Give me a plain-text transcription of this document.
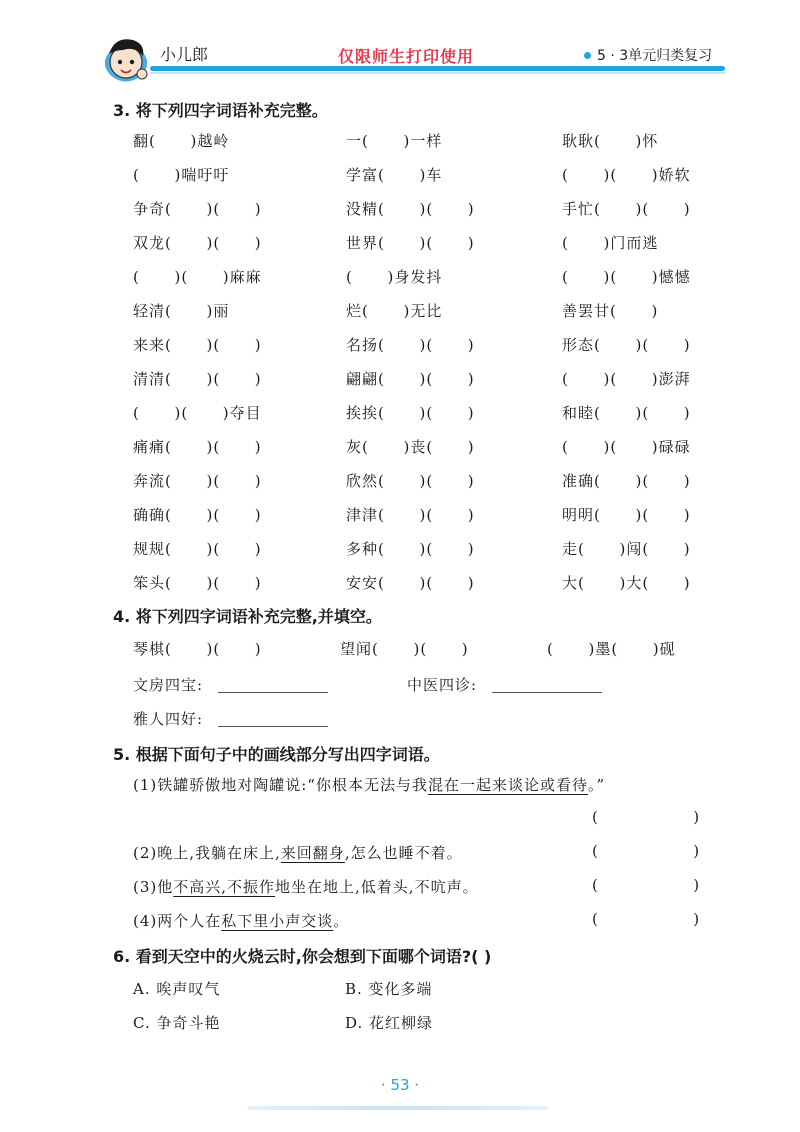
小儿郎	仅限师生打印使用	5 · 3单元归类复习
3. 将下列四字词语补充完整。
翻(      )越岭	一(      )一样	耿耿(      )怀
(      )喘吁吁	学富(      )车	(      )(      )娇软
争奇(      )(      )	没精(      )(      )	手忙(      )(      )
双龙(      )(      )	世界(      )(      )	(      )门而逃
(      )(      )麻麻	(      )身发抖	(      )(      )憾憾
轻清(      )丽	烂(      )无比	善罢甘(      )
来来(      )(      )	名扬(      )(      )	形态(      )(      )
清清(      )(      )	翩翩(      )(      )	(      )(      )澎湃
(      )(      )夺目	挨挨(      )(      )	和睦(      )(      )
痛痛(      )(      )	灰(      )丧(      )	(      )(      )碌碌
奔流(      )(      )	欣然(      )(      )	准确(      )(      )
确确(      )(      )	津津(      )(      )	明明(      )(      )
规规(      )(      )	多种(      )(      )	走(      )闯(      )
笨头(      )(      )	安安(      )(      )	大(      )大(      )
4. 将下列四字词语补充完整,并填空。
琴棋(      )(      )	望闻(      )(      )	(      )墨(      )砚
文房四宝:	中医四诊:
雅人四好:
5. 根据下面句子中的画线部分写出四字词语。
(1)铁罐骄傲地对陶罐说:“你根本无法与我混在一起来谈论或看待。”
(                    )
(2)晚上,我躺在床上,来回翻身,怎么也睡不着。	(                    )
(3)他不高兴,不振作地坐在地上,低着头,不吭声。	(                    )
(4)两个人在私下里小声交谈。	(                    )
6. 看到天空中的火烧云时,你会想到下面哪个词语?( )
A. 唉声叹气	B. 变化多端
C. 争奇斗艳	D. 花红柳绿
· 53 ·
